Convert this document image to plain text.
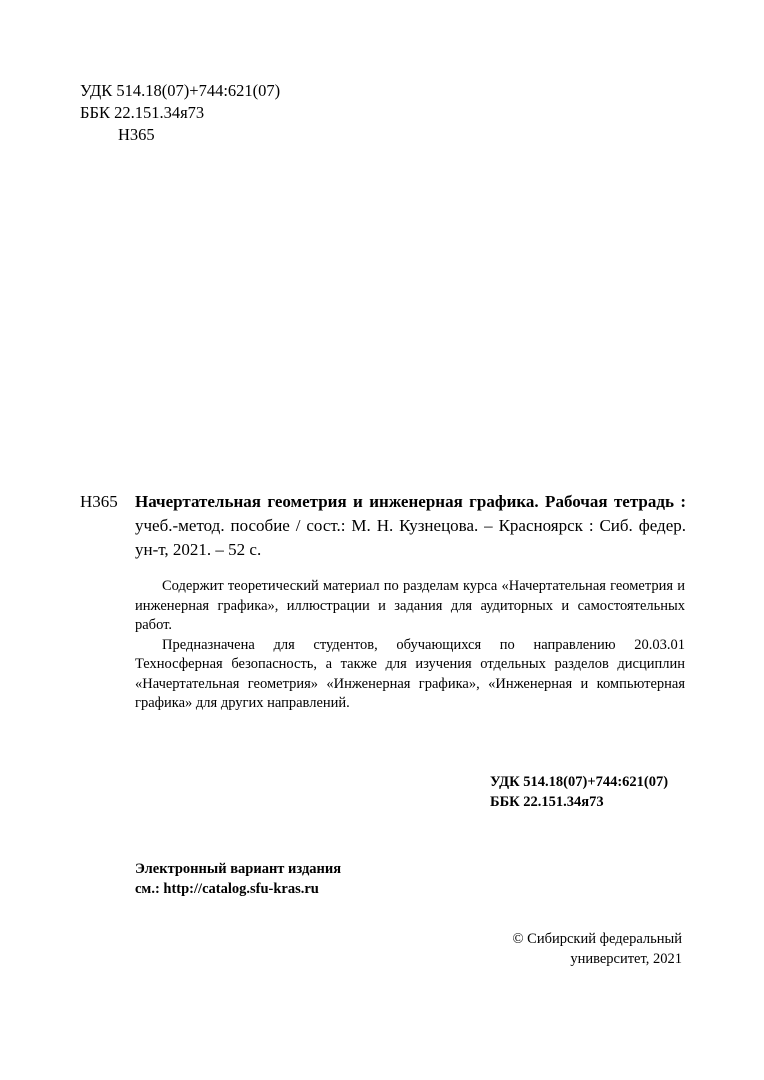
УДК 514.18(07)+744:621(07)
ББК 22.151.34я73
Н365
Н365 Начертательная геометрия и инженерная графика. Рабочая тетрадь : учеб.-метод. пособие / сост.: М. Н. Кузнецова. – Красноярск : Сиб. федер. ун-т, 2021. – 52 с.

Содержит теоретический материал по разделам курса «Начертательная геометрия и инженерная графика», иллюстрации и задания для аудиторных и самостоятельных работ.

Предназначена для студентов, обучающихся по направлению 20.03.01 Техносферная безопасность, а также для изучения отдельных разделов дисциплин «Начертательная геометрия» «Инженерная графика», «Инженерная и компьютерная графика» для других направлений.

УДК 514.18(07)+744:621(07)
ББК 22.151.34я73
Электронный вариант издания
см.: http://catalog.sfu-kras.ru
© Сибирский федеральный
университет, 2021
